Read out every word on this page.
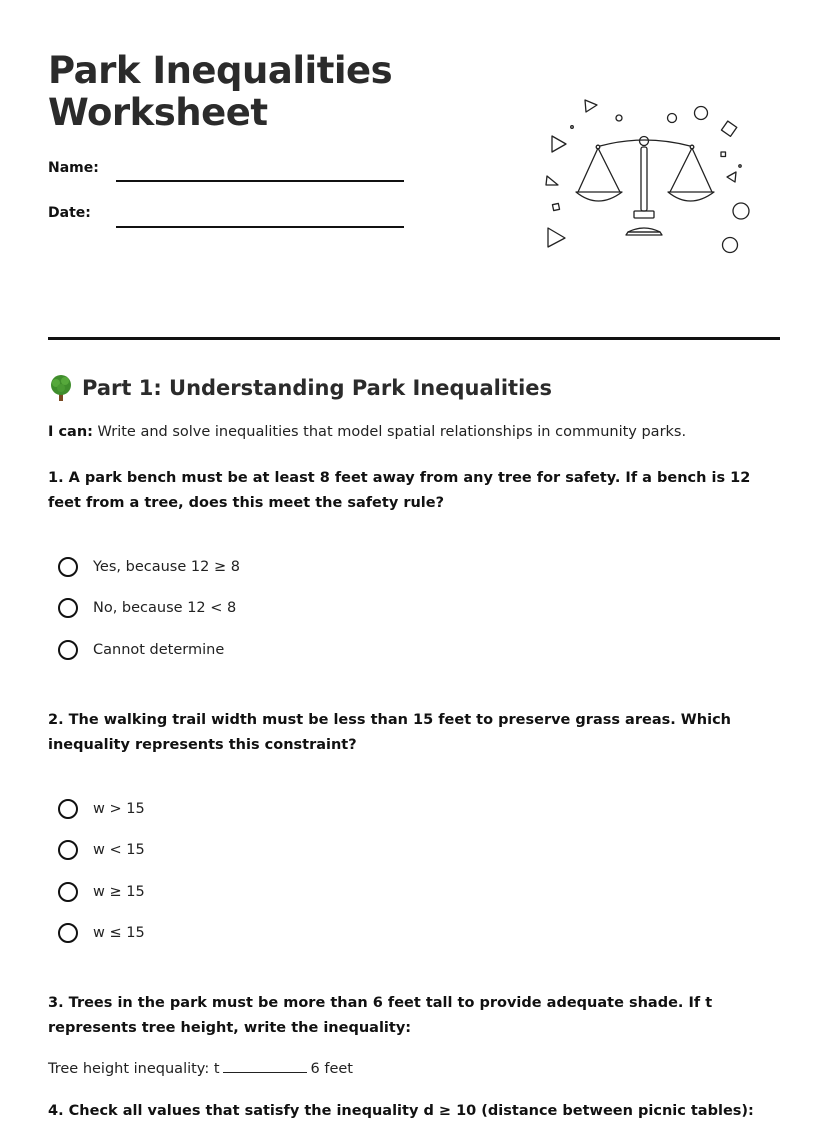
Park Inequalities
Worksheet
Name:
Date:
Part 1: Understanding Park Inequalities
I can: Write and solve inequalities that model spatial relationships in community parks.

1. A park bench must be at least 8 feet away from any tree for safety. If a bench is 12 feet from a tree, does this meet the safety rule?

Yes, because 12 ≥ 8
No, because 12 < 8
Cannot determine

2. The walking trail width must be less than 15 feet to preserve grass areas. Which inequality represents this constraint?

w > 15
w < 15
w ≥ 15
w ≤ 15

3. Trees in the park must be more than 6 feet tall to provide adequate shade. If t represents tree height, write the inequality:

Tree height inequality: t	6 feet

4. Check all values that satisfy the inequality d ≥ 10 (distance between picnic tables):
